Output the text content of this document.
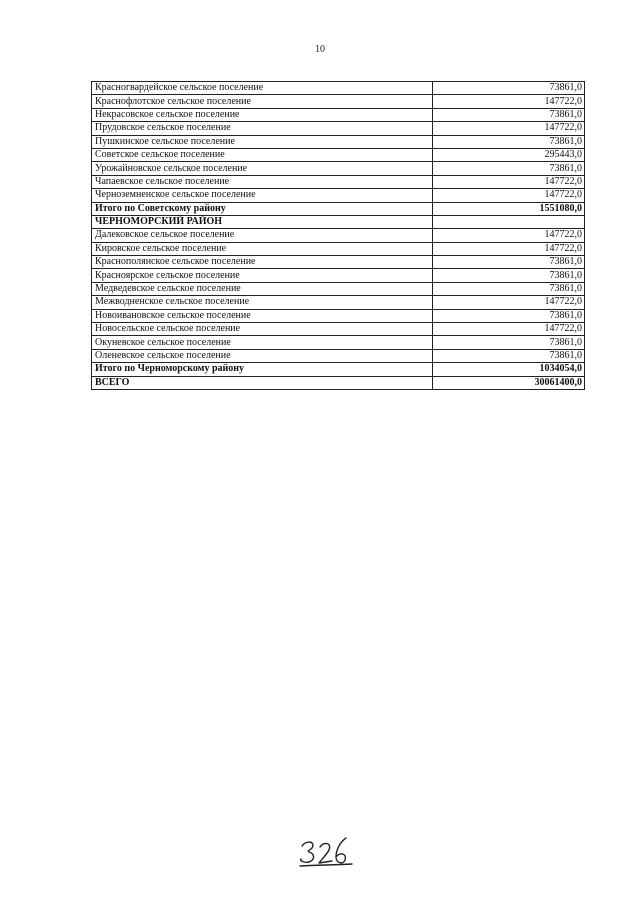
10
Красногвардейское сельское поселение	73861,0
Краснофлотское сельское поселение	147722,0
Некрасовское сельское поселение	73861,0
Прудовское сельское поселение	147722,0
Пушкинское сельское поселение	73861,0
Советское сельское поселение	295443,0
Урожайновское сельское поселение	73861,0
Чапаевское сельское поселение	147722,0
Черноземненское сельское поселение	147722,0
Итого по Советскому району	1551080,0
ЧЕРНОМОРСКИЙ РАЙОН	
Далековское сельское поселение	147722,0
Кировское сельское поселение	147722,0
Краснополянское сельское поселение	73861,0
Красноярское сельское поселение	73861,0
Медведевское сельское поселение	73861,0
Межводненское сельское поселение	147722,0
Новоивановское сельское поселение	73861,0
Новосельское сельское поселение	147722,0
Окуневское сельское поселение	73861,0
Оленевское сельское поселение	73861,0
Итого по Черноморскому району	1034054,0
ВСЕГО	30061400,0
